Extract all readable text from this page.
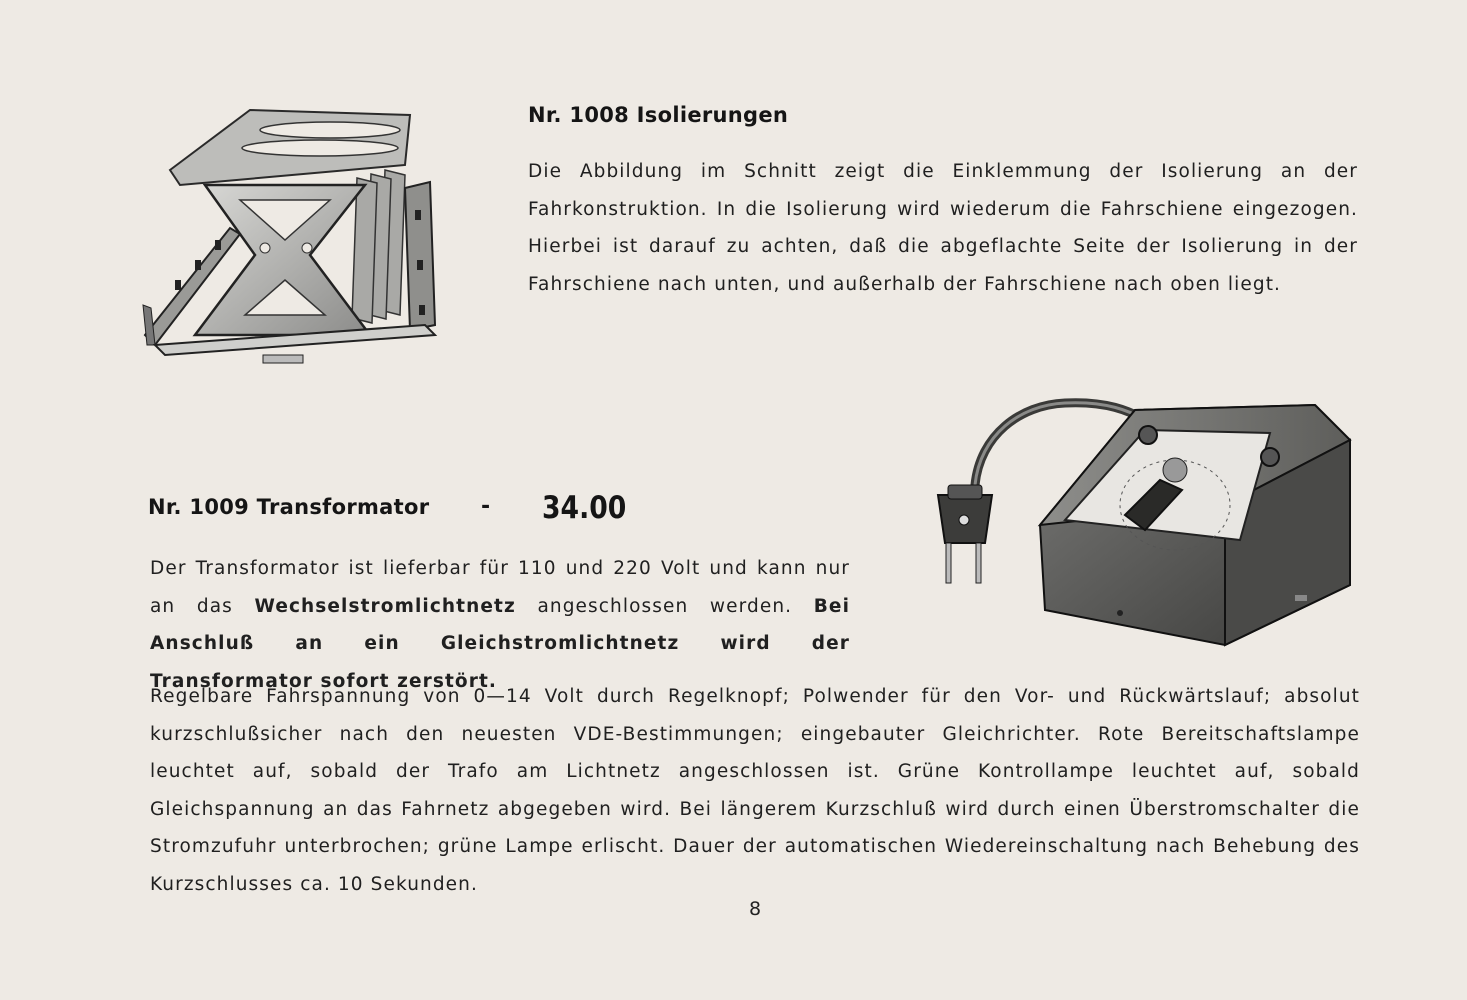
Nr. 1008 Isolierungen

Die Abbildung im Schnitt zeigt die Einklemmung der Isolierung an der Fahrkonstruktion. In die Isolierung wird wiederum die Fahrschiene eingezogen. Hierbei ist darauf zu achten, daß die abgeflachte Seite der Isolierung in der Fahrschiene nach unten, und außerhalb der Fahrschiene nach oben liegt.

Nr. 1009 Transformator - 34.00

Der Transformator ist lieferbar für 110 und 220 Volt und kann nur an das Wechselstromlichtnetz angeschlossen werden. Bei Anschluß an ein Gleichstromlichtnetz wird der Transformator sofort zerstört.

Regelbare Fahrspannung von 0—14 Volt durch Regelknopf; Polwender für den Vor- und Rückwärtslauf; absolut kurzschlußsicher nach den neuesten VDE-Bestimmungen; eingebauter Gleichrichter. Rote Bereitschaftslampe leuchtet auf, sobald der Trafo am Lichtnetz angeschlossen ist. Grüne Kontrollampe leuchtet auf, sobald Gleichspannung an das Fahrnetz abgegeben wird. Bei längerem Kurzschluß wird durch einen Überstromschalter die Stromzufuhr unterbrochen; grüne Lampe erlischt. Dauer der automatischen Wiedereinschaltung nach Behebung des Kurzschlusses ca. 10 Sekunden.

8
